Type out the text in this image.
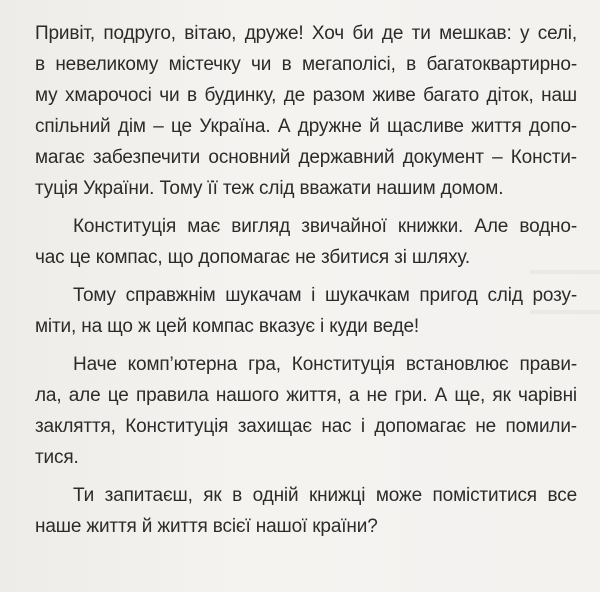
Привіт, подруго, вітаю, друже! Хоч би де ти мешкав: у селі,
в невеликому містечку чи в мегаполісі, в багатоквартирно-
му хмарочосі чи в будинку, де разом живе багато діток, наш
спільний дім – це Україна. А дружне й щасливе життя допо-
магає забезпечити основний державний документ – Консти-
туція України. Тому її теж слід вважати нашим домом.
Конституція має вигляд звичайної книжки. Але водно-
час це компас, що допомагає не збитися зі шляху.
Тому справжнім шукачам і шукачкам пригод слід розу-
міти, на що ж цей компас вказує і куди веде!
Наче комп’ютерна гра, Конституція встановлює прави-
ла, але це правила нашого життя, а не гри. А ще, як чарівні
закляття, Конституція захищає нас і допомагає не помили-
тися.
Ти запитаєш, як в одній книжці може поміститися все
наше життя й життя всієї нашої країни?
